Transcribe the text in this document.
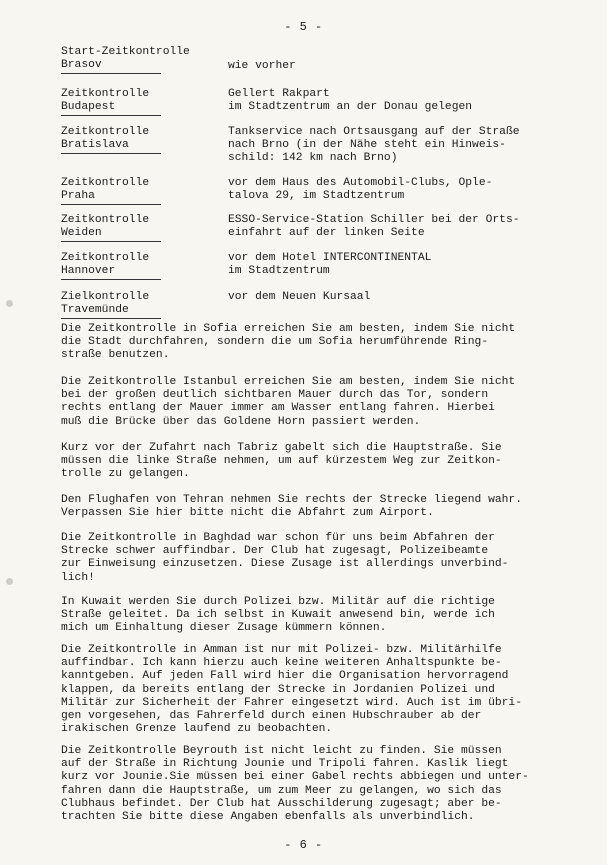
- 5 -
Start-Zeitkontrolle
Brasov	wie vorher
Zeitkontrolle
Budapest
Gellert Rakpart
im Stadtzentrum an der Donau gelegen
Zeitkontrolle
Bratislava
Tankservice nach Ortsausgang auf der Straße
nach Brno (in der Nähe steht ein Hinweis-
schild: 142 km nach Brno)
Zeitkontrolle
Praha
vor dem Haus des Automobil-Clubs, Ople-
talova 29, im Stadtzentrum
Zeitkontrolle
Weiden
ESSO-Service-Station Schiller bei der Orts-
einfahrt auf der linken Seite
Zeitkontrolle
Hannover
vor dem Hotel INTERCONTINENTAL
im Stadtzentrum
Zielkontrolle
Travemünde
vor dem Neuen Kursaal

Die Zeitkontrolle in Sofia erreichen Sie am besten, indem Sie nicht
die Stadt durchfahren, sondern die um Sofia herumführende Ring-
straße benutzen.

Die Zeitkontrolle Istanbul erreichen Sie am besten, indem Sie nicht
bei der großen deutlich sichtbaren Mauer durch das Tor, sondern
rechts entlang der Mauer immer am Wasser entlang fahren. Hierbei
muß die Brücke über das Goldene Horn passiert werden.

Kurz vor der Zufahrt nach Tabriz gabelt sich die Hauptstraße. Sie
müssen die linke Straße nehmen, um auf kürzestem Weg zur Zeitkon-
trolle zu gelangen.

Den Flughafen von Tehran nehmen Sie rechts der Strecke liegend wahr.
Verpassen Sie hier bitte nicht die Abfahrt zum Airport.

Die Zeitkontrolle in Baghdad war schon für uns beim Abfahren der
Strecke schwer auffindbar. Der Club hat zugesagt, Polizeibeamte
zur Einweisung einzusetzen. Diese Zusage ist allerdings unverbind-
lich!

In Kuwait werden Sie durch Polizei bzw. Militär auf die richtige
Straße geleitet. Da ich selbst in Kuwait anwesend bin, werde ich
mich um Einhaltung dieser Zusage kümmern können.

Die Zeitkontrolle in Amman ist nur mit Polizei- bzw. Militärhilfe
auffindbar. Ich kann hierzu auch keine weiteren Anhaltspunkte be-
kanntgeben. Auf jeden Fall wird hier die Organisation hervorragend
klappen, da bereits entlang der Strecke in Jordanien Polizei und
Militär zur Sicherheit der Fahrer eingesetzt wird. Auch ist im übri-
gen vorgesehen, das Fahrerfeld durch einen Hubschrauber ab der
irakischen Grenze laufend zu beobachten.

Die Zeitkontrolle Beyrouth ist nicht leicht zu finden. Sie müssen
auf der Straße in Richtung Jounie und Tripoli fahren. Kaslik liegt
kurz vor Jounie.Sie müssen bei einer Gabel rechts abbiegen und unter-
fahren dann die Hauptstraße, um zum Meer zu gelangen, wo sich das
Clubhaus befindet. Der Club hat Ausschilderung zugesagt; aber be-
trachten Sie bitte diese Angaben ebenfalls als unverbindlich.

- 6 -
